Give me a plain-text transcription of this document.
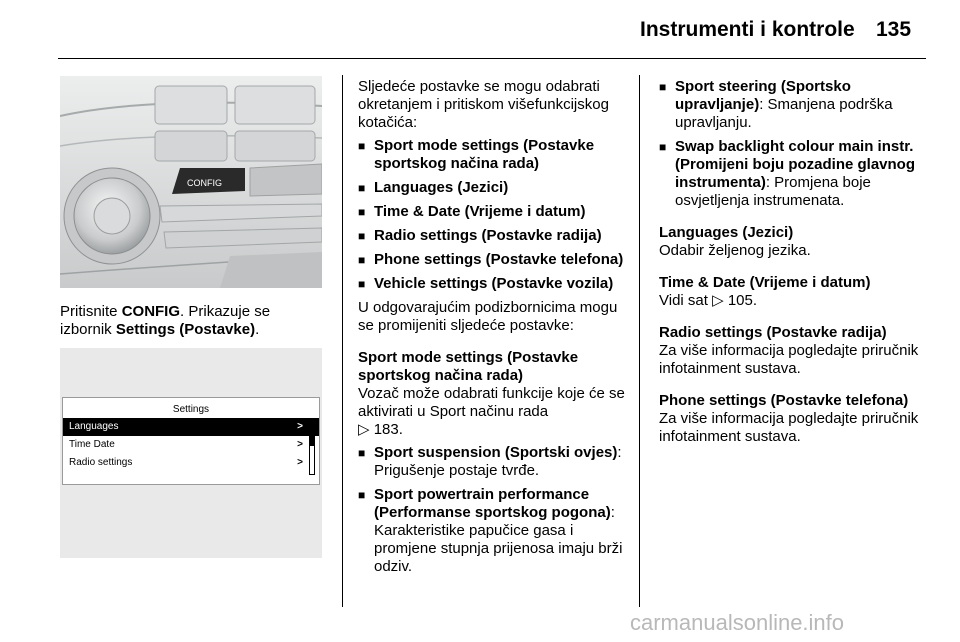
Instrumenti i kontrole 135
CONFIG

Pritisnite CONFIG. Prikazuje se izbornik Settings (Postavke).

Settings
Languages	>
Time Date	>
Radio settings	>

Sljedeće postavke se mogu odabrati okretanjem i pritiskom višefunkcijskog kotačića:

■ Sport mode settings (Postavke sportskog načina rada)

■ Languages (Jezici)

■ Time & Date (Vrijeme i datum)

■ Radio settings (Postavke radija)

■ Phone settings (Postavke telefona)

■ Vehicle settings (Postavke vozila)

U odgovarajućim podizbornicima mogu se promijeniti sljedeće postavke:

Sport mode settings (Postavke sportskog načina rada)

Vozač može odabrati funkcije koje će se aktivirati u Sport načinu rada
▷ 183.

■ Sport suspension (Sportski ovjes): Prigušenje postaje tvrđe.

■ Sport powertrain performance (Performanse sportskog pogona): Karakteristike papučice gasa i promjene stupnja prijenosa imaju brži odziv.

■ Sport steering (Sportsko upravljanje): Smanjena podrška upravljanju.

■ Swap backlight colour main instr. (Promijeni boju pozadine glavnog instrumenta): Promjena boje osvjetljenja instrumenata.

Languages (Jezici)

Odabir željenog jezika.

Time & Date (Vrijeme i datum)

Vidi sat ▷ 105.

Radio settings (Postavke radija)

Za više informacija pogledajte priručnik infotainment sustava.

Phone settings (Postavke telefona)

Za više informacija pogledajte priručnik infotainment sustava.

carmanualsonline.info
